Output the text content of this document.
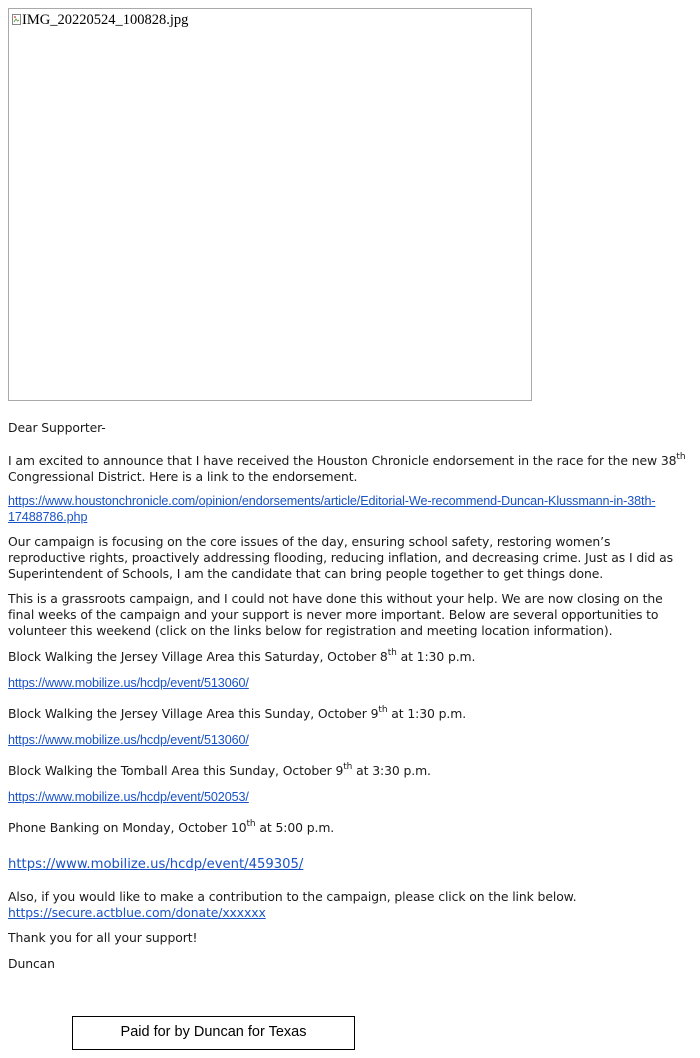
IMG_20220524_100828.jpg

Dear Supporter-

I am excited to announce that I have received the Houston Chronicle endorsement in the race for the new 38th Congressional District. Here is a link to the endorsement.

https://www.houstonchronicle.com/opinion/endorsements/article/Editorial-We-recommend-Duncan-Klussmann-in-38th-17488786.php

Our campaign is focusing on the core issues of the day, ensuring school safety, restoring women’s reproductive rights, proactively addressing flooding, reducing inflation, and decreasing crime. Just as I did as Superintendent of Schools, I am the candidate that can bring people together to get things done.

This is a grassroots campaign, and I could not have done this without your help. We are now closing on the final weeks of the campaign and your support is never more important. Below are several opportunities to volunteer this weekend (click on the links below for registration and meeting location information).

Block Walking the Jersey Village Area this Saturday, October 8th at 1:30 p.m.

https://www.mobilize.us/hcdp/event/513060/

Block Walking the Jersey Village Area this Sunday, October 9th at 1:30 p.m.

https://www.mobilize.us/hcdp/event/513060/

Block Walking the Tomball Area this Sunday, October 9th at 3:30 p.m.

https://www.mobilize.us/hcdp/event/502053/

Phone Banking on Monday, October 10th at 5:00 p.m.

https://www.mobilize.us/hcdp/event/459305/

Also, if you would like to make a contribution to the campaign, please click on the link below.

https://secure.actblue.com/donate/xxxxxx

Thank you for all your support!

Duncan

Paid for by Duncan for Texas
